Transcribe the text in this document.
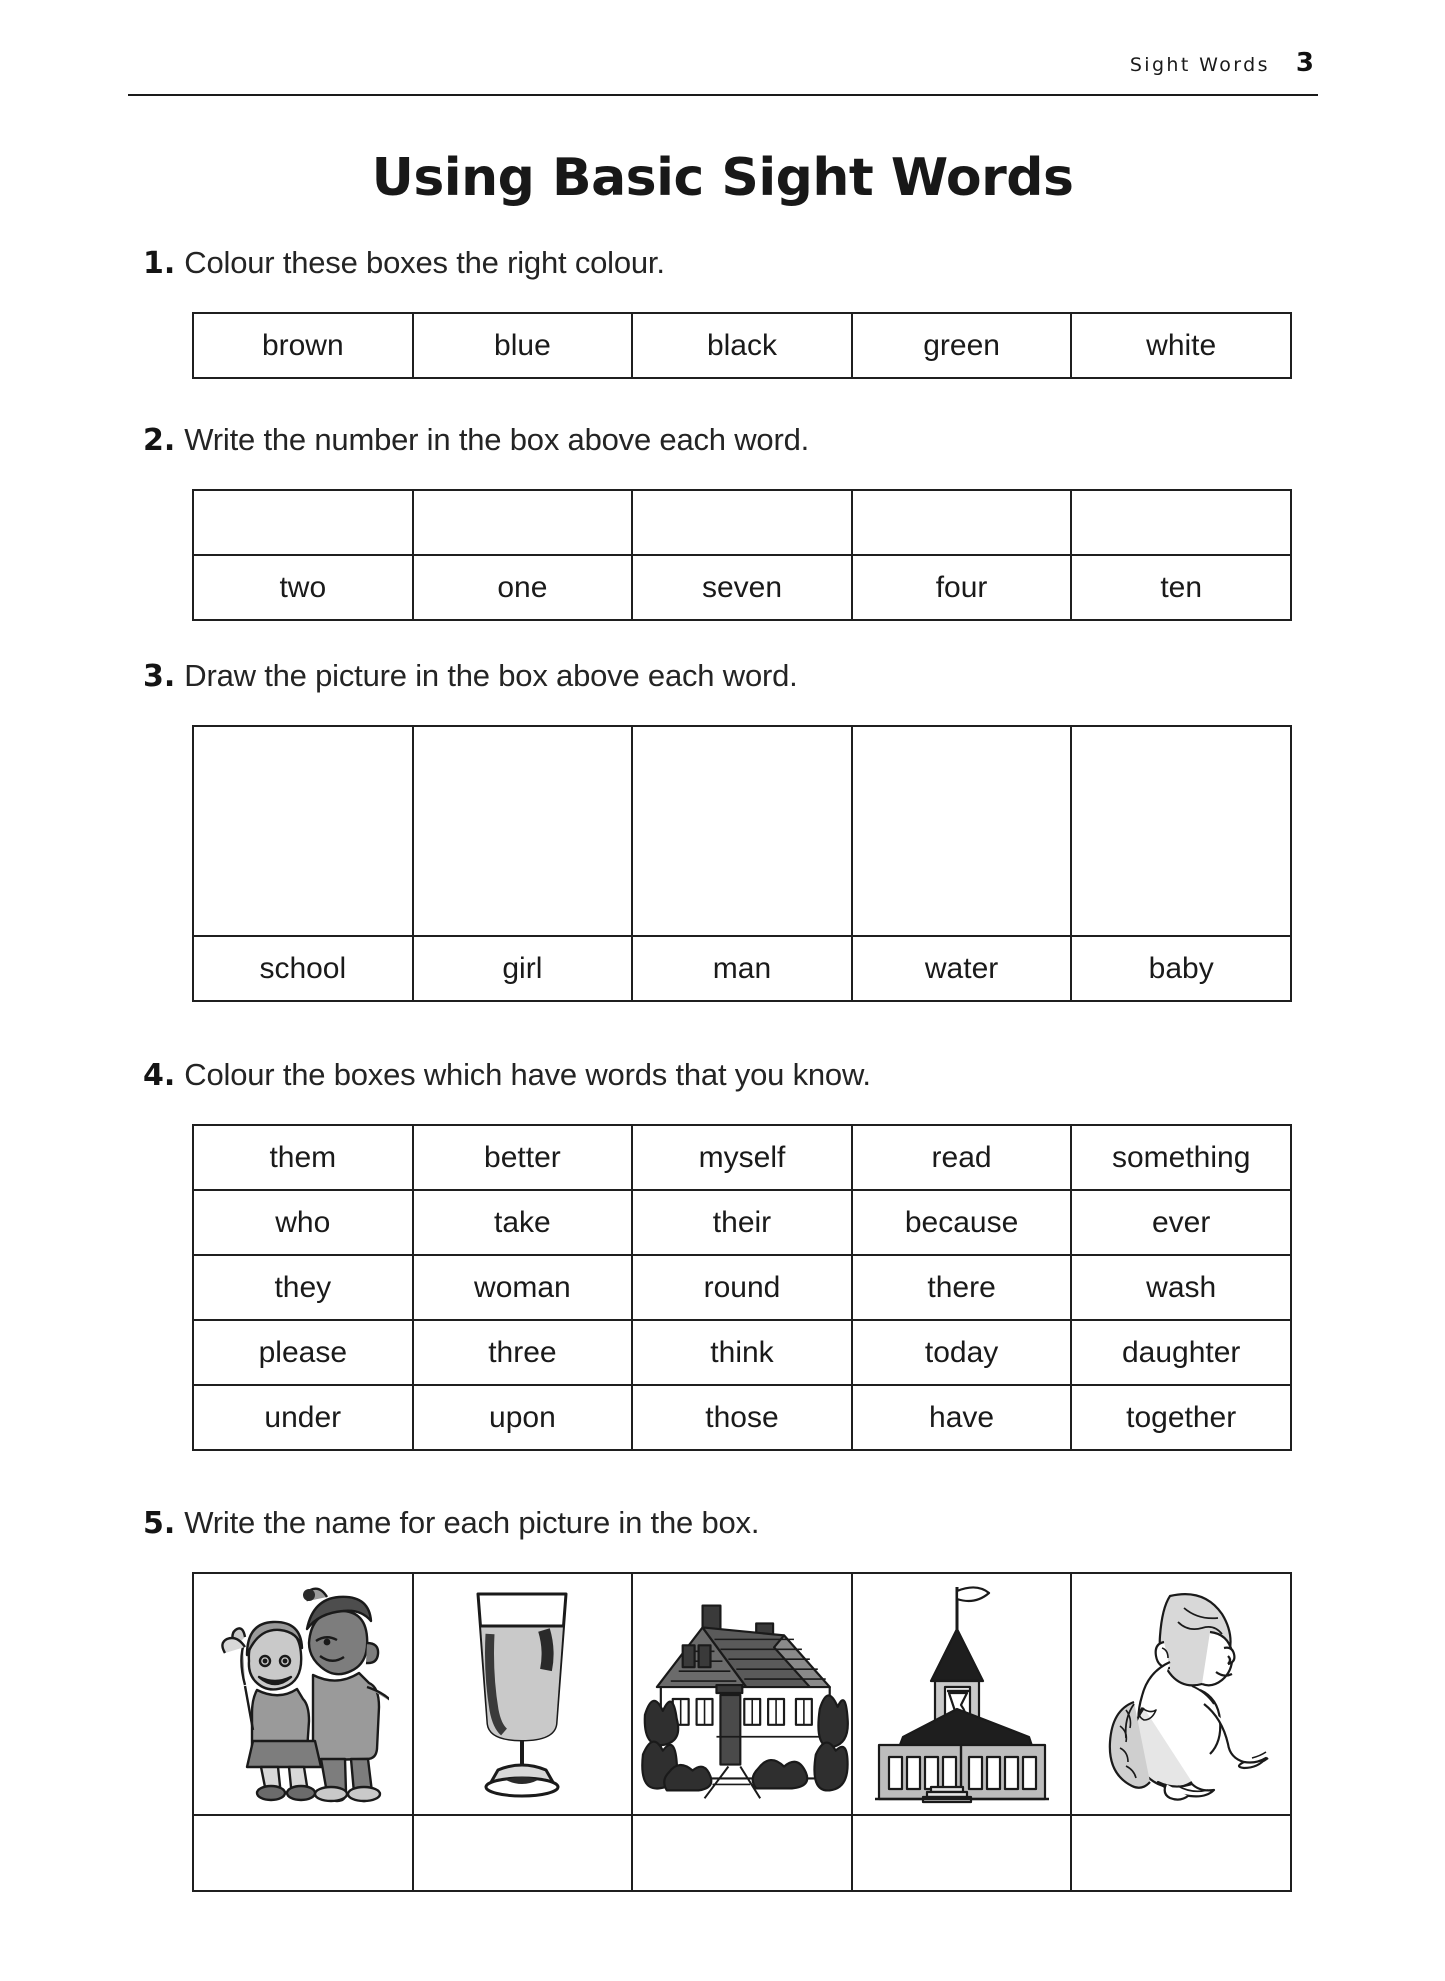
Sight Words 3
Using Basic Sight Words
1. Colour these boxes the right colour.
brown	blue	black	green	white
2. Write the number in the box above each word.

two	one	seven	four	ten
3. Draw the picture in the box above each word.

school	girl	man	water	baby
4. Colour the boxes which have words that you know.
them	better	myself	read	something
who	take	their	because	ever
they	woman	round	there	wash
please	three	think	today	daughter
under	upon	those	have	together
5. Write the name for each picture in the box.
